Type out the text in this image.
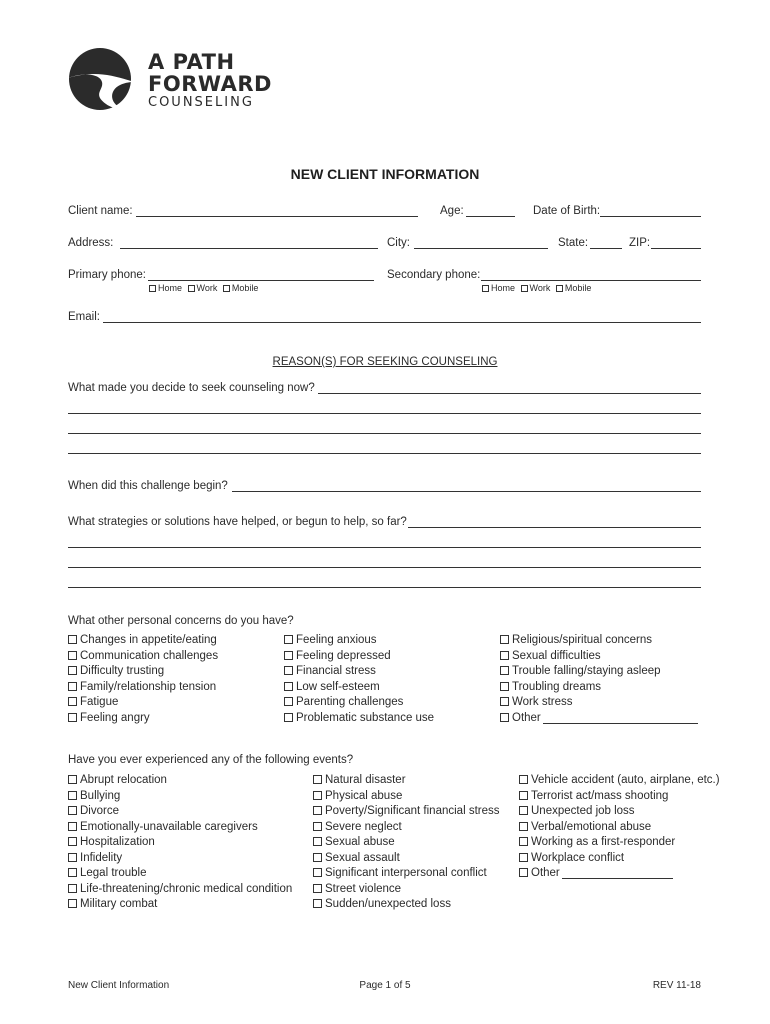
A PATH
FORWARD
COUNSELING
NEW CLIENT INFORMATION
Client name:	Age:	Date of Birth:
Address:	City:	State:	ZIP:
Primary phone:
Home Work Mobile
Secondary phone:
Home Work Mobile
Email:
REASON(S) FOR SEEKING COUNSELING
What made you decide to seek counseling now?
When did this challenge begin?
What strategies or solutions have helped, or begun to help, so far?
What other personal concerns do you have?
Changes in appetite/eating
Communication challenges
Difficulty trusting
Family/relationship tension
Fatigue
Feeling angry
Feeling anxious
Feeling depressed
Financial stress
Low self-esteem
Parenting challenges
Problematic substance use
Religious/spiritual concerns
Sexual difficulties
Trouble falling/staying asleep
Troubling dreams
Work stress
Other
Have you ever experienced any of the following events?
Abrupt relocation
Bullying
Divorce
Emotionally-unavailable caregivers
Hospitalization
Infidelity
Legal trouble
Life-threatening/chronic medical condition
Military combat
Natural disaster
Physical abuse
Poverty/Significant financial stress
Severe neglect
Sexual abuse
Sexual assault
Significant interpersonal conflict
Street violence
Sudden/unexpected loss
Vehicle accident (auto, airplane, etc.)
Terrorist act/mass shooting
Unexpected job loss
Verbal/emotional abuse
Working as a first-responder
Workplace conflict
Other
New Client Information	Page 1 of 5	REV 11-18
